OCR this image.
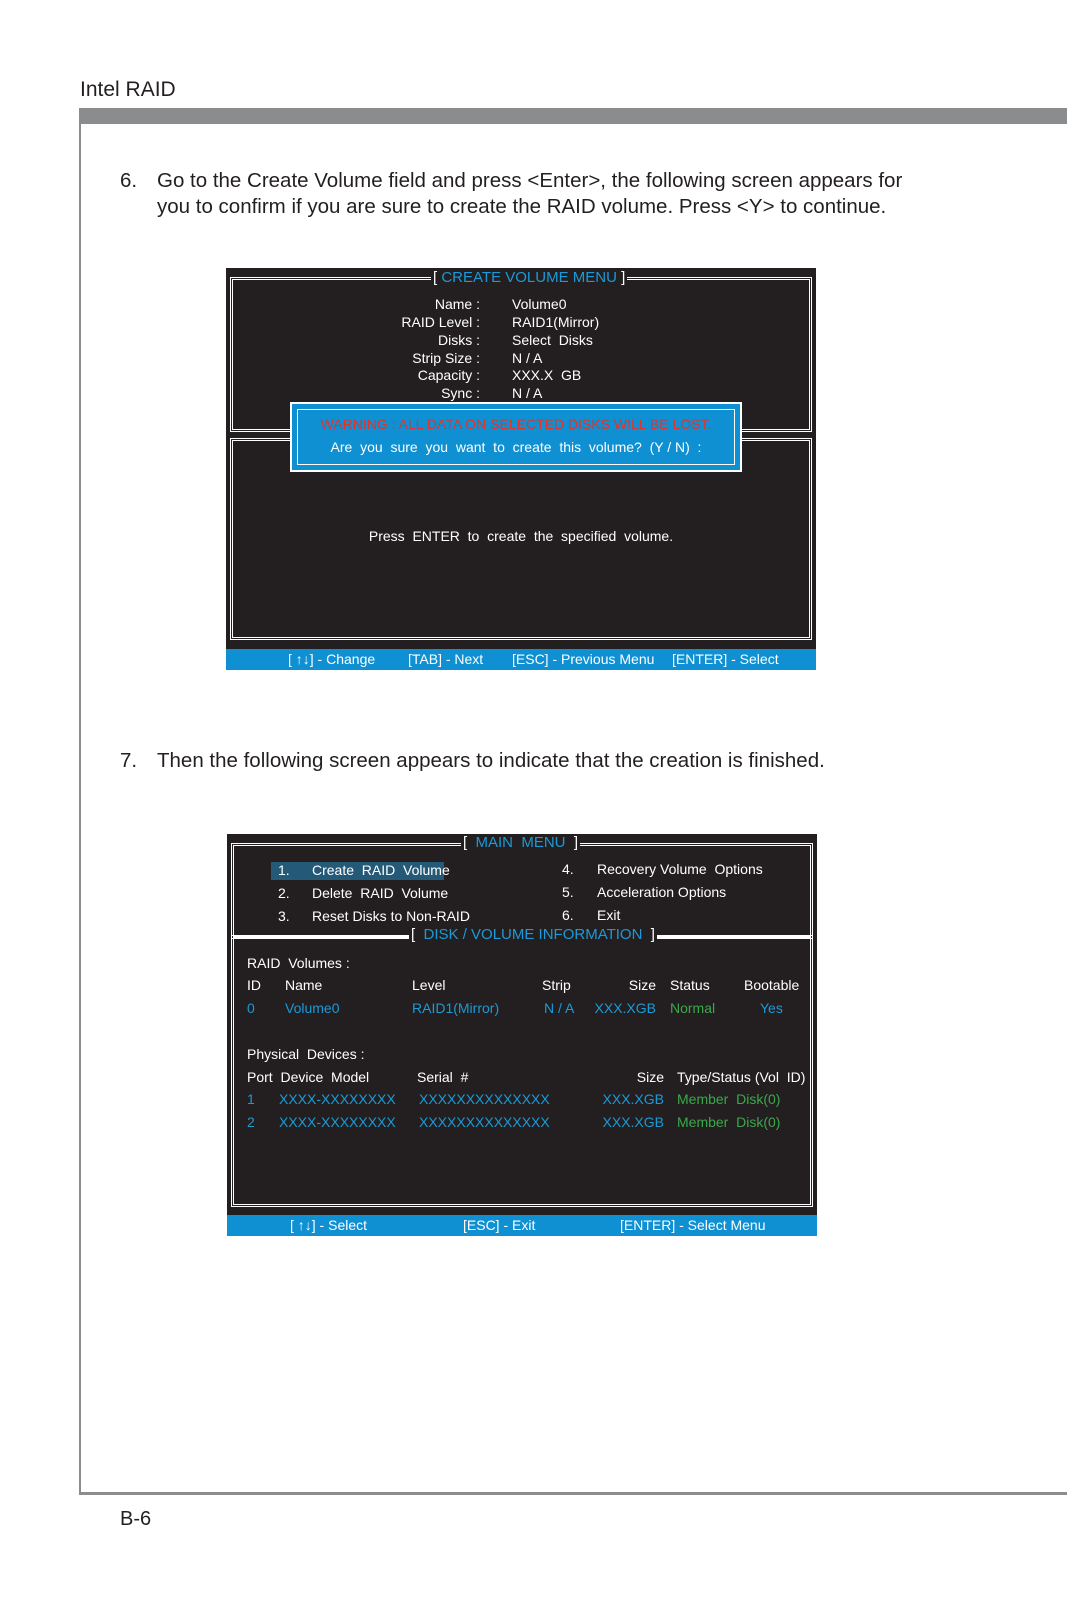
Intel RAID
6. Go to the Create Volume field and press <Enter>, the following screen appears for
you to confirm if you are sure to create the RAID volume. Press <Y> to continue.
[ CREATE VOLUME MENU ]
Name : Volume0
RAID Level : RAID1(Mirror)
Disks : Select  Disks
Strip Size : N / A
Capacity : XXX.X  GB
Sync : N / A
WARNING : ALL DATA ON SELECTED DISKS WILL BE LOST.
Are  you  sure  you  want  to  create  this  volume?  (Y / N)  :
Press  ENTER  to  create  the  specified  volume.
[ ↑↓] - Change [TAB] - Next [ESC] - Previous Menu [ENTER] - Select
7. Then the following screen appears to indicate that the creation is finished.
[ MAIN  MENU ]
1. Create  RAID  Volume
2. Delete  RAID  Volume
3. Reset Disks to Non-RAID
4. Recovery Volume  Options
5. Acceleration Options
6. Exit
[ DISK / VOLUME INFORMATION ]
RAID  Volumes :
ID Name	Level	Strip	Size Status Bootable
0 Volume0	RAID1(Mirror)	N / A	XXX.XGB Normal	Yes
Physical  Devices :
Port  Device  Model	Serial  #	Size Type/Status (Vol  ID)
1 XXXX-XXXXXXXX XXXXXXXXXXXXXX	XXX.XGB Member  Disk(0)
2 XXXX-XXXXXXXX XXXXXXXXXXXXXX	XXX.XGB Member  Disk(0)
[ ↑↓] - Select	[ESC] - Exit	[ENTER] - Select Menu
B-6
